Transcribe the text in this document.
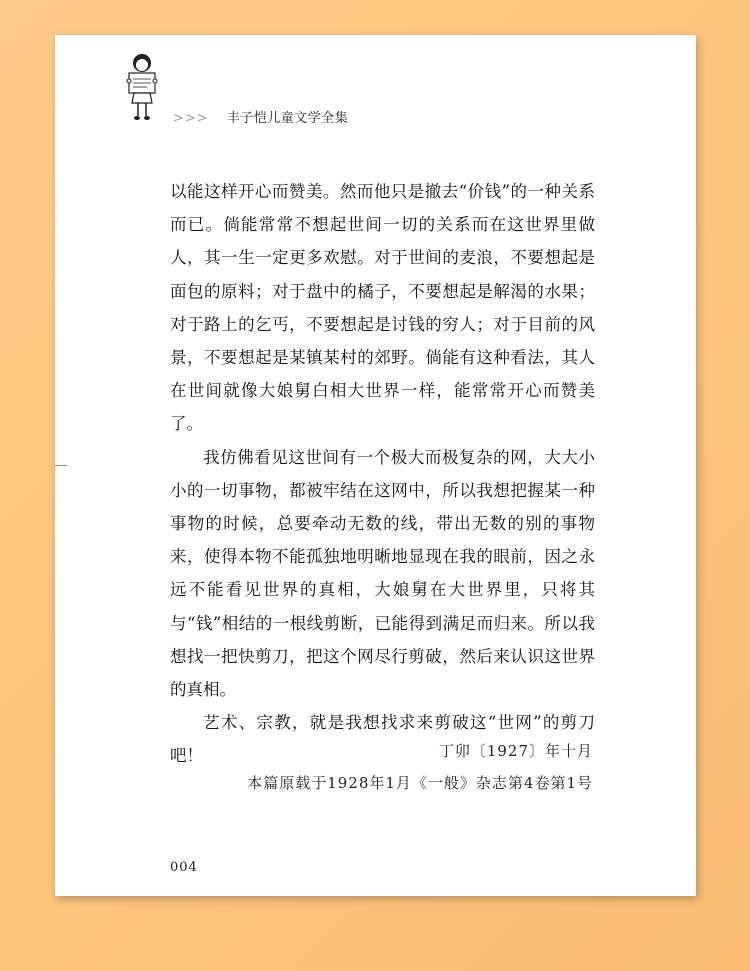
>>> 丰子恺儿童文学全集

以能这样开心而赞美。然而他只是撤去“价钱”的一种关系而已。倘能常常不想起世间一切的关系而在这世界里做人，其一生一定更多欢慰。对于世间的麦浪，不要想起是面包的原料；对于盘中的橘子，不要想起是解渴的水果；对于路上的乞丐，不要想起是讨钱的穷人；对于目前的风景，不要想起是某镇某村的郊野。倘能有这种看法，其人在世间就像大娘舅白相大世界一样，能常常开心而赞美了。

我仿佛看见这世间有一个极大而极复杂的网，大大小小的一切事物，都被牢结在这网中，所以我想把握某一种事物的时候，总要牵动无数的线，带出无数的别的事物来，使得本物不能孤独地明晰地显现在我的眼前，因之永远不能看见世界的真相，大娘舅在大世界里，只将其与“钱”相结的一根线剪断，已能得到满足而归来。所以我想找一把快剪刀，把这个网尽行剪破，然后来认识这世界的真相。

艺术、宗教，就是我想找求来剪破这“世网”的剪刀吧！	丁卯〔1927〕年十月
本篇原载于1928年1月《一般》杂志第4卷第1号
004
